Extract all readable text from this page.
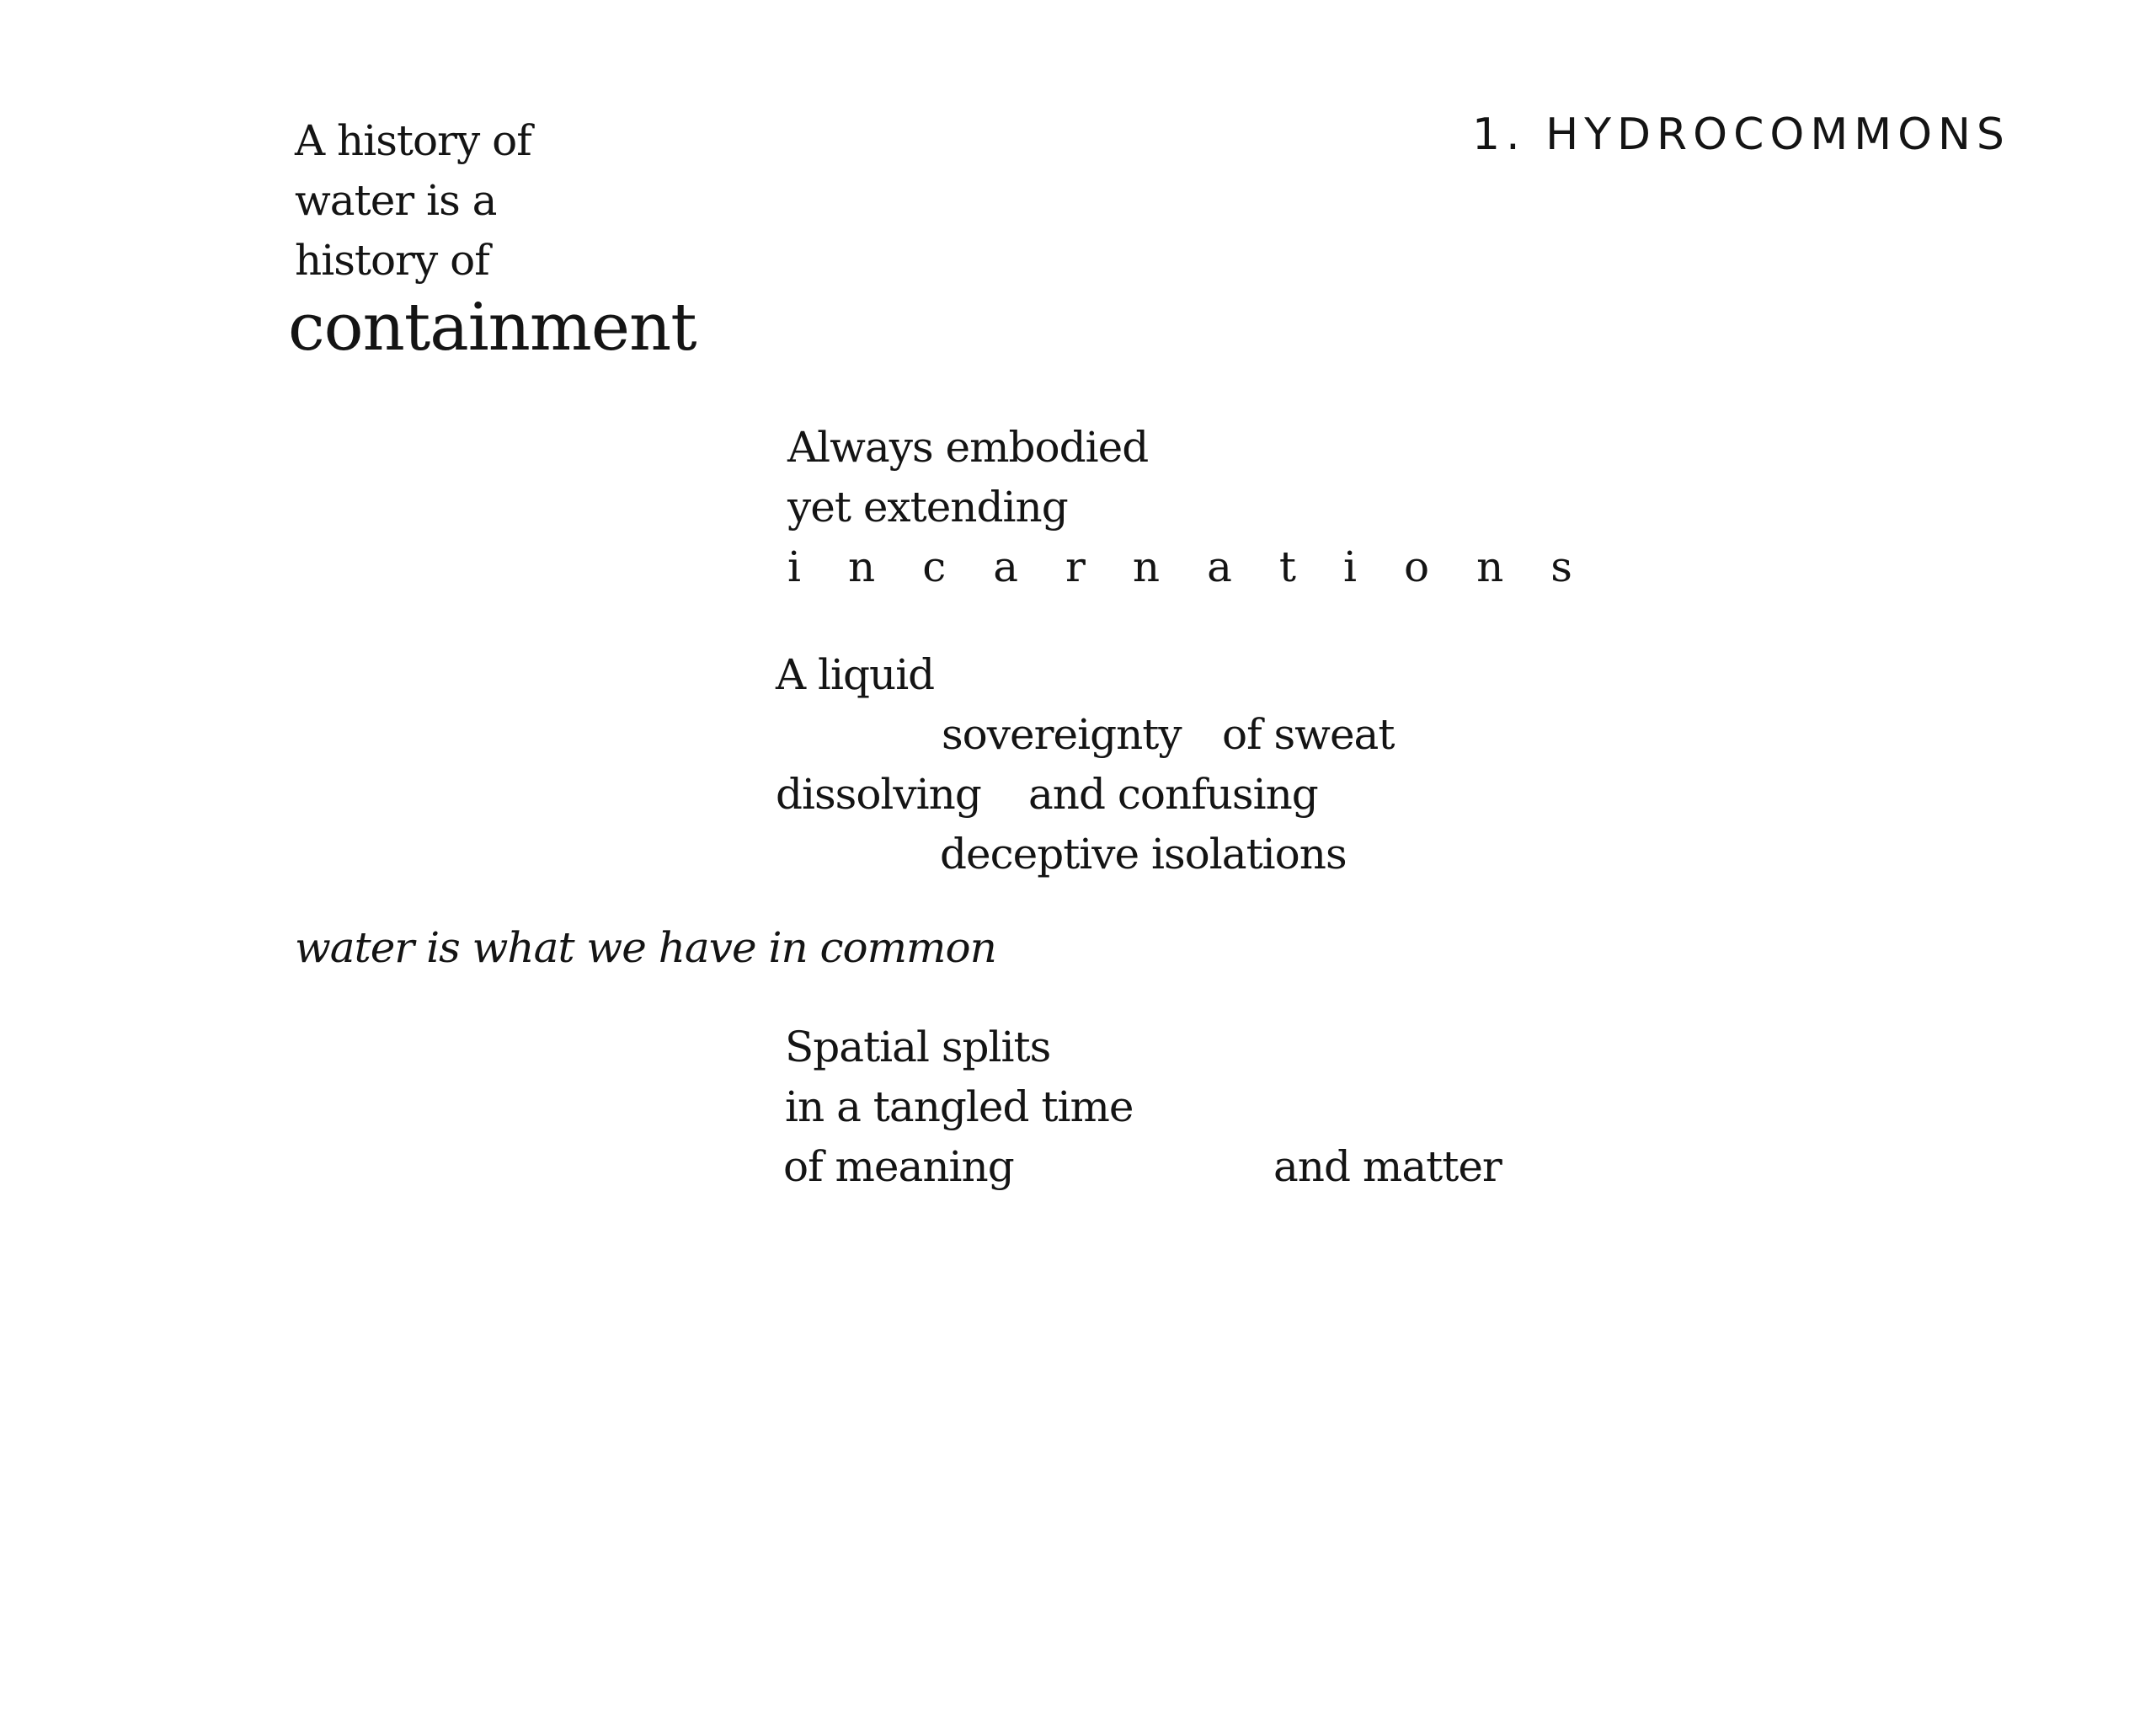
1. HYDROCOMMONS

A history of

water is a

history of

containment

Always embodied

yet extending

incarnations

A liquid

sovereignty of sweat

dissolving and confusing

deceptive isolations

water is what we have in common

Spatial splits

in a tangled time

of meaning	and matter
